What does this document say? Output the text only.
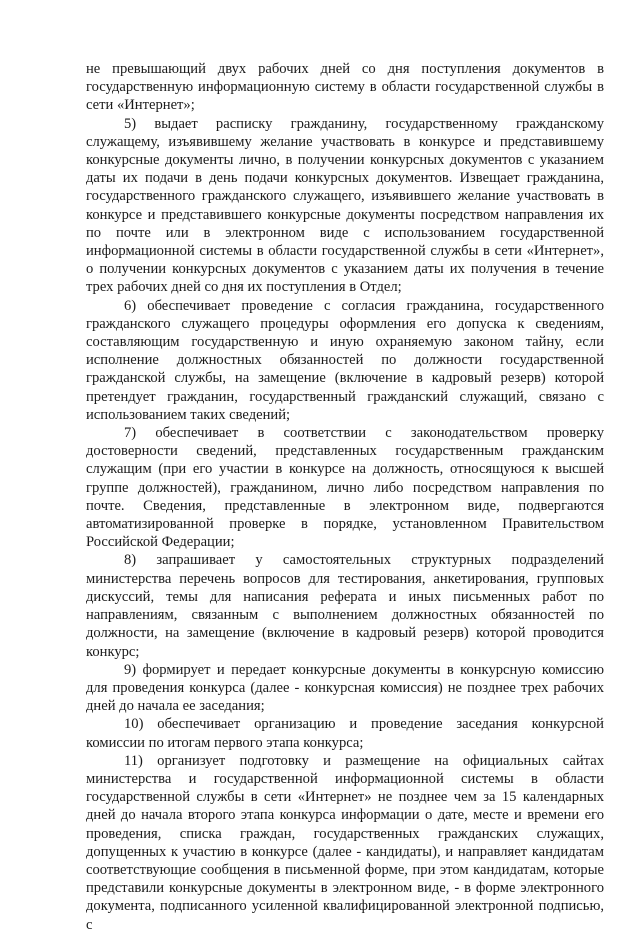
не превышающий двух рабочих дней со дня поступления документов в государственную информационную систему в области государственной службы в сети «Интернет»;

5) выдает расписку гражданину, государственному гражданскому служащему, изъявившему желание участвовать в конкурсе и представившему конкурсные документы лично, в получении конкурсных документов с указанием даты их подачи в день подачи конкурсных документов. Извещает гражданина, государственного гражданского служащего, изъявившего желание участвовать в конкурсе и представившего конкурсные документы посредством направления их по почте или в электронном виде с использованием государственной информационной системы в области государственной службы в сети «Интернет», о получении конкурсных документов с указанием даты их получения в течение трех рабочих дней со дня их поступления в Отдел;

6) обеспечивает проведение с согласия гражданина, государственного гражданского служащего процедуры оформления его допуска к сведениям, составляющим государственную и иную охраняемую законом тайну, если исполнение должностных обязанностей по должности государственной гражданской службы, на замещение (включение в кадровый резерв) которой претендует гражданин, государственный гражданский служащий, связано с использованием таких сведений;

7) обеспечивает в соответствии с законодательством проверку достоверности сведений, представленных государственным гражданским служащим (при его участии в конкурсе на должность, относящуюся к высшей группе должностей), гражданином, лично либо посредством направления по почте. Сведения, представленные в электронном виде, подвергаются автоматизированной проверке в порядке, установленном Правительством Российской Федерации;

8) запрашивает у самостоятельных структурных подразделений министерства перечень вопросов для тестирования, анкетирования, групповых дискуссий, темы для написания реферата и иных письменных работ по направлениям, связанным с выполнением должностных обязанностей по должности, на замещение (включение в кадровый резерв) которой проводится конкурс;

9) формирует и передает конкурсные документы в конкурсную комиссию для проведения конкурса (далее - конкурсная комиссия) не позднее трех рабочих дней до начала ее заседания;

10) обеспечивает организацию и проведение заседания конкурсной комиссии по итогам первого этапа конкурса;

11) организует подготовку и размещение на официальных сайтах министерства и государственной информационной системы в области государственной службы в сети «Интернет» не позднее чем за 15 календарных дней до начала второго этапа конкурса информации о дате, месте и времени его проведения, списка граждан, государственных гражданских служащих, допущенных к участию в конкурсе (далее - кандидаты), и направляет кандидатам соответствующие сообщения в письменной форме, при этом кандидатам, которые представили конкурсные документы в электронном виде, - в форме электронного документа, подписанного усиленной квалифицированной электронной подписью, с
